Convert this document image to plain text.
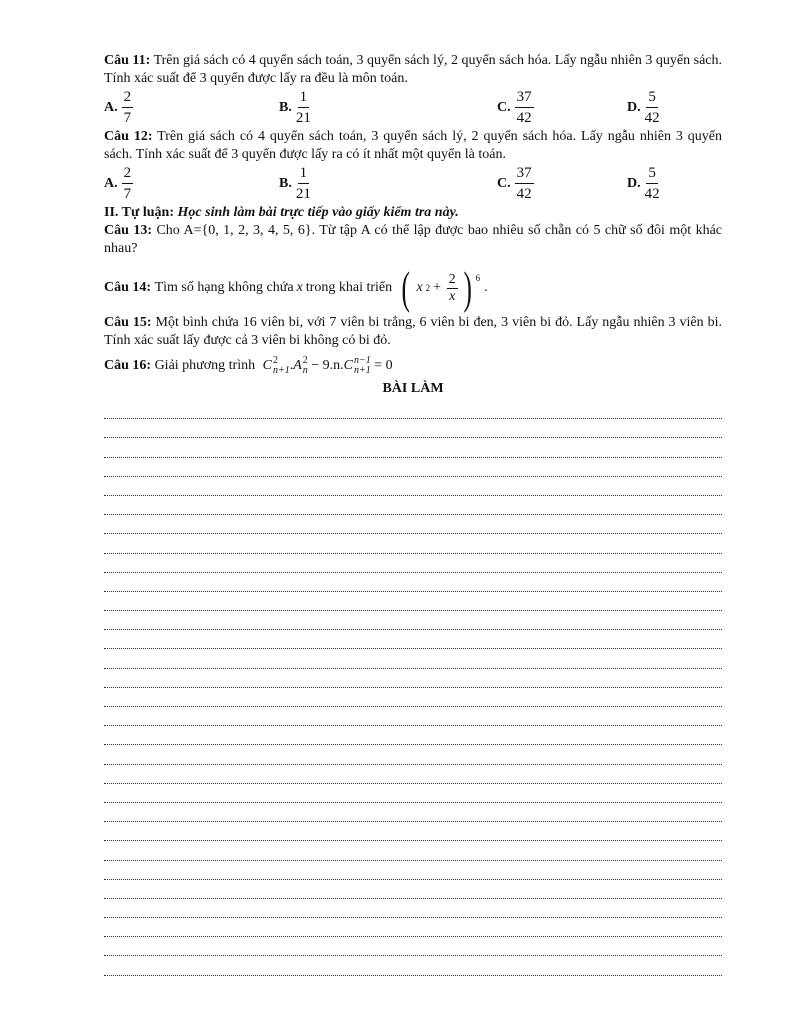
Câu 11: Trên giá sách có 4 quyển sách toán, 3 quyển sách lý, 2 quyển sách hóa. Lấy ngẫu nhiên 3 quyển sách. Tính xác suất để 3 quyển được lấy ra đều là môn toán.

A. $\frac{2}{7}$	B. $\frac{1}{21}$	C. $\frac{37}{42}$	D. $\frac{5}{42}$

Câu 12: Trên giá sách có 4 quyển sách toán, 3 quyển sách lý, 2 quyển sách hóa. Lấy ngẫu nhiên 3 quyển sách. Tính xác suất để 3 quyển được lấy ra có ít nhất một quyển là toán.

A. $\frac{2}{7}$	B. $\frac{1}{21}$	C. $\frac{37}{42}$	D. $\frac{5}{42}$

II. Tự luận: Học sinh làm bài trực tiếp vào giấy kiểm tra này.

Câu 13: Cho A={0, 1, 2, 3, 4, 5, 6}. Từ tập A có thể lập được bao nhiêu số chẵn có 5 chữ số đôi một khác nhau?

Câu 14:
Tìm số hạng không chứa x trong khai triển ( x $2 + \frac{2}{x}$ ) 6
.

Câu 15: Một bình chứa 16 viên bi, với 7 viên bi trắng, 6 viên bi đen, 3 viên bi đỏ. Lấy ngẫu nhiên 3 viên bi. Tính xác suất lấy được cả 3 viên bi không có bi đỏ.

Câu 16: Giải phương trình C 2
n+1 .A 2
n − 9.n.C n−1
n+1 = 0

BÀI LÀM
